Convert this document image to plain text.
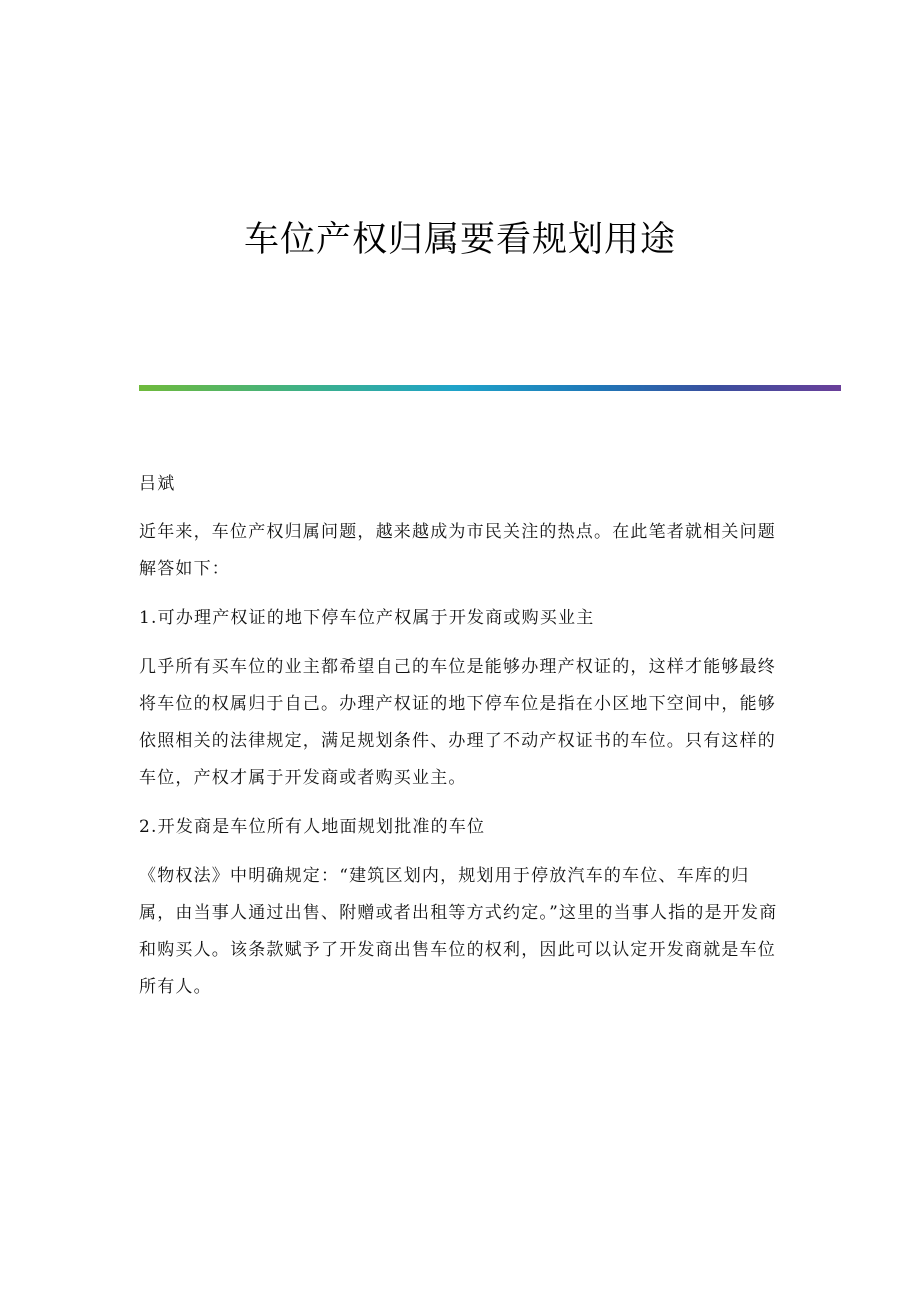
车位产权归属要看规划用途

吕斌

近年来，车位产权归属问题，越来越成为市民关注的热点。在此笔者就相关问题解答如下：

1.可办理产权证的地下停车位产权属于开发商或购买业主

几乎所有买车位的业主都希望自己的车位是能够办理产权证的，这样才能够最终将车位的权属归于自己。办理产权证的地下停车位是指在小区地下空间中，能够依照相关的法律规定，满足规划条件、办理了不动产权证书的车位。只有这样的车位，产权才属于开发商或者购买业主。

2.开发商是车位所有人地面规划批准的车位

《物权法》中明确规定：“建筑区划内，规划用于停放汽车的车位、车库的归属，由当事人通过出售、附赠或者出租等方式约定。”这里的当事人指的是开发商和购买人。该条款赋予了开发商出售车位的权利，因此可以认定开发商就是车位所有人。
